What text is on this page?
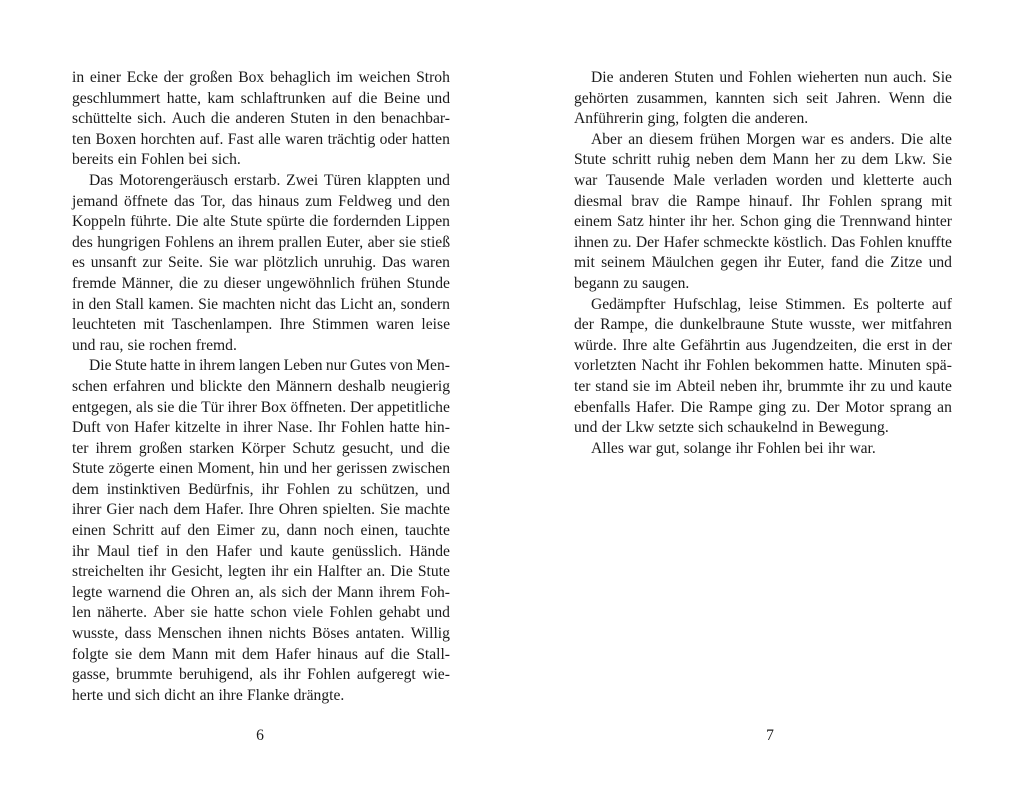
in einer Ecke der großen Box behaglich im weichen Stroh
geschlummert hatte, kam schlaftrunken auf die Beine und
schüttelte sich. Auch die anderen Stuten in den benachbar-
ten Boxen horchten auf. Fast alle waren trächtig oder hatten
bereits ein Fohlen bei sich.
Das Motorengeräusch erstarb. Zwei Türen klappten und
jemand öffnete das Tor, das hinaus zum Feldweg und den
Koppeln führte. Die alte Stute spürte die fordernden Lippen
des hungrigen Fohlens an ihrem prallen Euter, aber sie stieß
es unsanft zur Seite. Sie war plötzlich unruhig. Das waren
fremde Männer, die zu dieser ungewöhnlich frühen Stunde
in den Stall kamen. Sie machten nicht das Licht an, sondern
leuchteten mit Taschenlampen. Ihre Stimmen waren leise
und rau, sie rochen fremd.
Die Stute hatte in ihrem langen Leben nur Gutes von Men-
schen erfahren und blickte den Männern deshalb neugierig
entgegen, als sie die Tür ihrer Box öffneten. Der appetitliche
Duft von Hafer kitzelte in ihrer Nase. Ihr Fohlen hatte hin-
ter ihrem großen starken Körper Schutz gesucht, und die
Stute zögerte einen Moment, hin und her gerissen zwischen
dem instinktiven Bedürfnis, ihr Fohlen zu schützen, und
ihrer Gier nach dem Hafer. Ihre Ohren spielten. Sie machte
einen Schritt auf den Eimer zu, dann noch einen, tauchte
ihr Maul tief in den Hafer und kaute genüsslich. Hände
streichelten ihr Gesicht, legten ihr ein Halfter an. Die Stute
legte warnend die Ohren an, als sich der Mann ihrem Foh-
len näherte. Aber sie hatte schon viele Fohlen gehabt und
wusste, dass Menschen ihnen nichts Böses antaten. Willig
folgte sie dem Mann mit dem Hafer hinaus auf die Stall-
gasse, brummte beruhigend, als ihr Fohlen aufgeregt wie-
herte und sich dicht an ihre Flanke drängte.
6
Die anderen Stuten und Fohlen wieherten nun auch. Sie
gehörten zusammen, kannten sich seit Jahren. Wenn die
Anführerin ging, folgten die anderen.
Aber an diesem frühen Morgen war es anders. Die alte
Stute schritt ruhig neben dem Mann her zu dem Lkw. Sie
war Tausende Male verladen worden und kletterte auch
diesmal brav die Rampe hinauf. Ihr Fohlen sprang mit
einem Satz hinter ihr her. Schon ging die Trennwand hinter
ihnen zu. Der Hafer schmeckte köstlich. Das Fohlen knuffte
mit seinem Mäulchen gegen ihr Euter, fand die Zitze und
begann zu saugen.
Gedämpfter Hufschlag, leise Stimmen. Es polterte auf
der Rampe, die dunkelbraune Stute wusste, wer mitfahren
würde. Ihre alte Gefährtin aus Jugendzeiten, die erst in der
vorletzten Nacht ihr Fohlen bekommen hatte. Minuten spä-
ter stand sie im Abteil neben ihr, brummte ihr zu und kaute
ebenfalls Hafer. Die Rampe ging zu. Der Motor sprang an
und der Lkw setzte sich schaukelnd in Bewegung.
Alles war gut, solange ihr Fohlen bei ihr war.
7
